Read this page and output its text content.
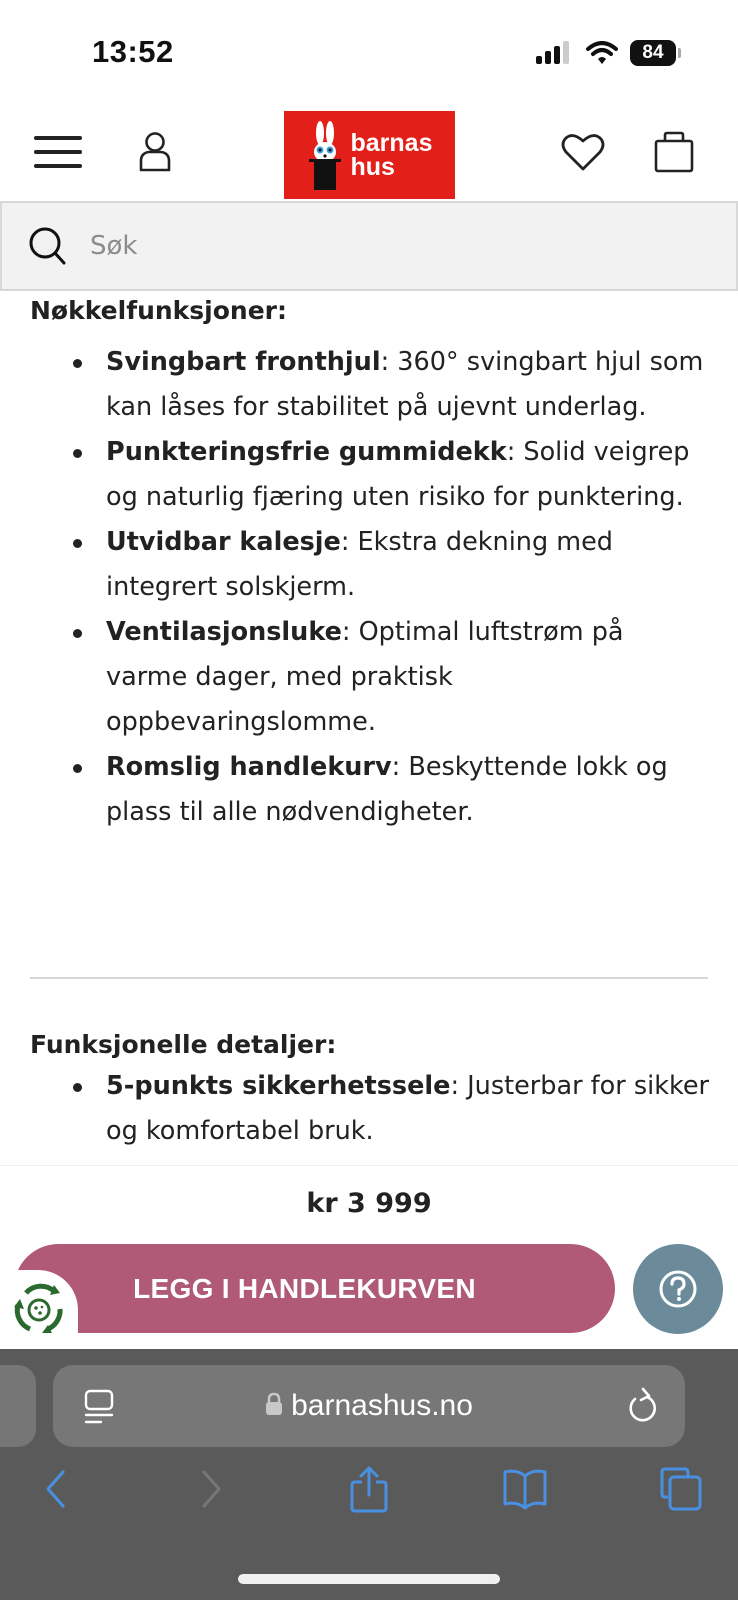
13:52	84
barnas
hus
Søk
Nøkkelfunksjoner:
Svingbart fronthjul: 360° svingbart hjul som kan låses for stabilitet på ujevnt underlag.
Punkteringsfrie gummidekk: Solid veigrep og naturlig fjæring uten risiko for punktering.
Utvidbar kalesje: Ekstra dekning med integrert solskjerm.
Ventilasjonsluke: Optimal luftstrøm på varme dager, med praktisk oppbevaringslomme.
Romslig handlekurv: Beskyttende lokk og plass til alle nødvendigheter.
Funksjonelle detaljer:
5-punkts sikkerhetssele: Justerbar for sikker og komfortabel bruk.
kr 3 999
LEGG I HANDLEKURVEN
barnashus.no
